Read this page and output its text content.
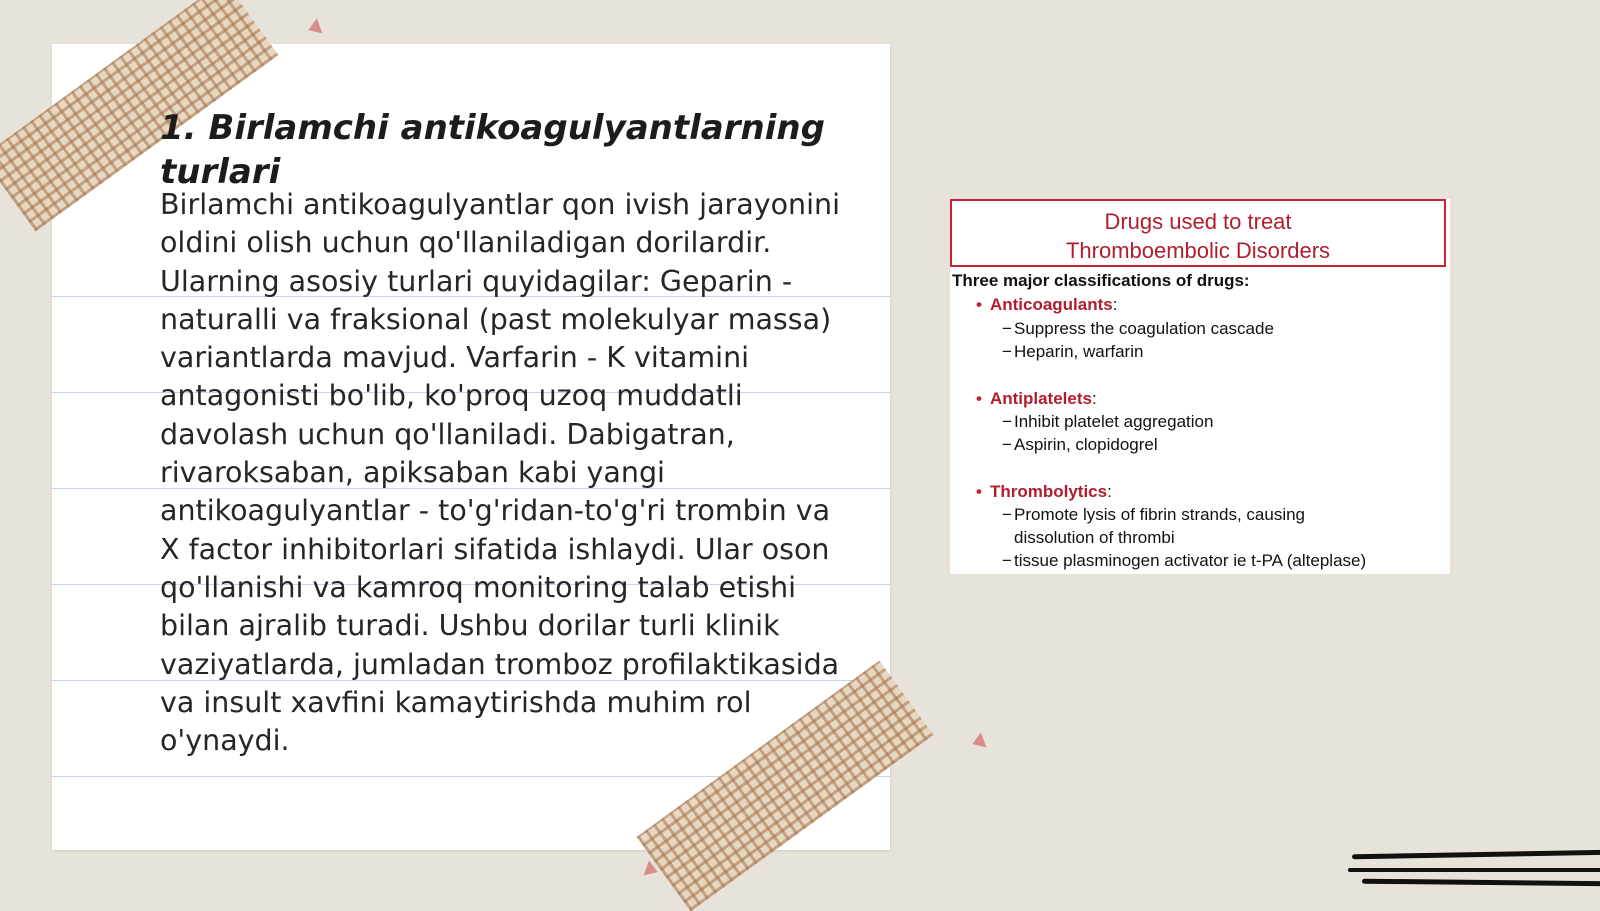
1. Birlamchi antikoagulyantlarning turlari

Birlamchi antikoagulyantlar qon ivish jarayonini oldini olish uchun qo'llaniladigan dorilardir. Ularning asosiy turlari quyidagilar: Geparin - naturalli va fraksional (past molekulyar massa) variantlarda mavjud. Varfarin - K vitamini antagonisti bo'lib, ko'proq uzoq muddatli davolash uchun qo'llaniladi. Dabigatran, rivaroksaban, apiksaban kabi yangi antikoagulyantlar - to'g'ridan-to'g'ri trombin va X factor inhibitorlari sifatida ishlaydi. Ular oson qo'llanishi va kamroq monitoring talab etishi bilan ajralib turadi. Ushbu dorilar turli klinik vaziyatlarda, jumladan tromboz profilaktikasida va insult xavfini kamaytirishda muhim rol o'ynaydi.

Drugs used to treat
Thromboembolic Disorders
Three major classifications of drugs:
• Anticoagulants:
− Suppress the coagulation cascade
− Heparin, warfarin
• Antiplatelets:
− Inhibit platelet aggregation
− Aspirin, clopidogrel
• Thrombolytics:
− Promote lysis of fibrin strands, causing
dissolution of thrombi
− tissue plasminogen activator ie t-PA (alteplase)
